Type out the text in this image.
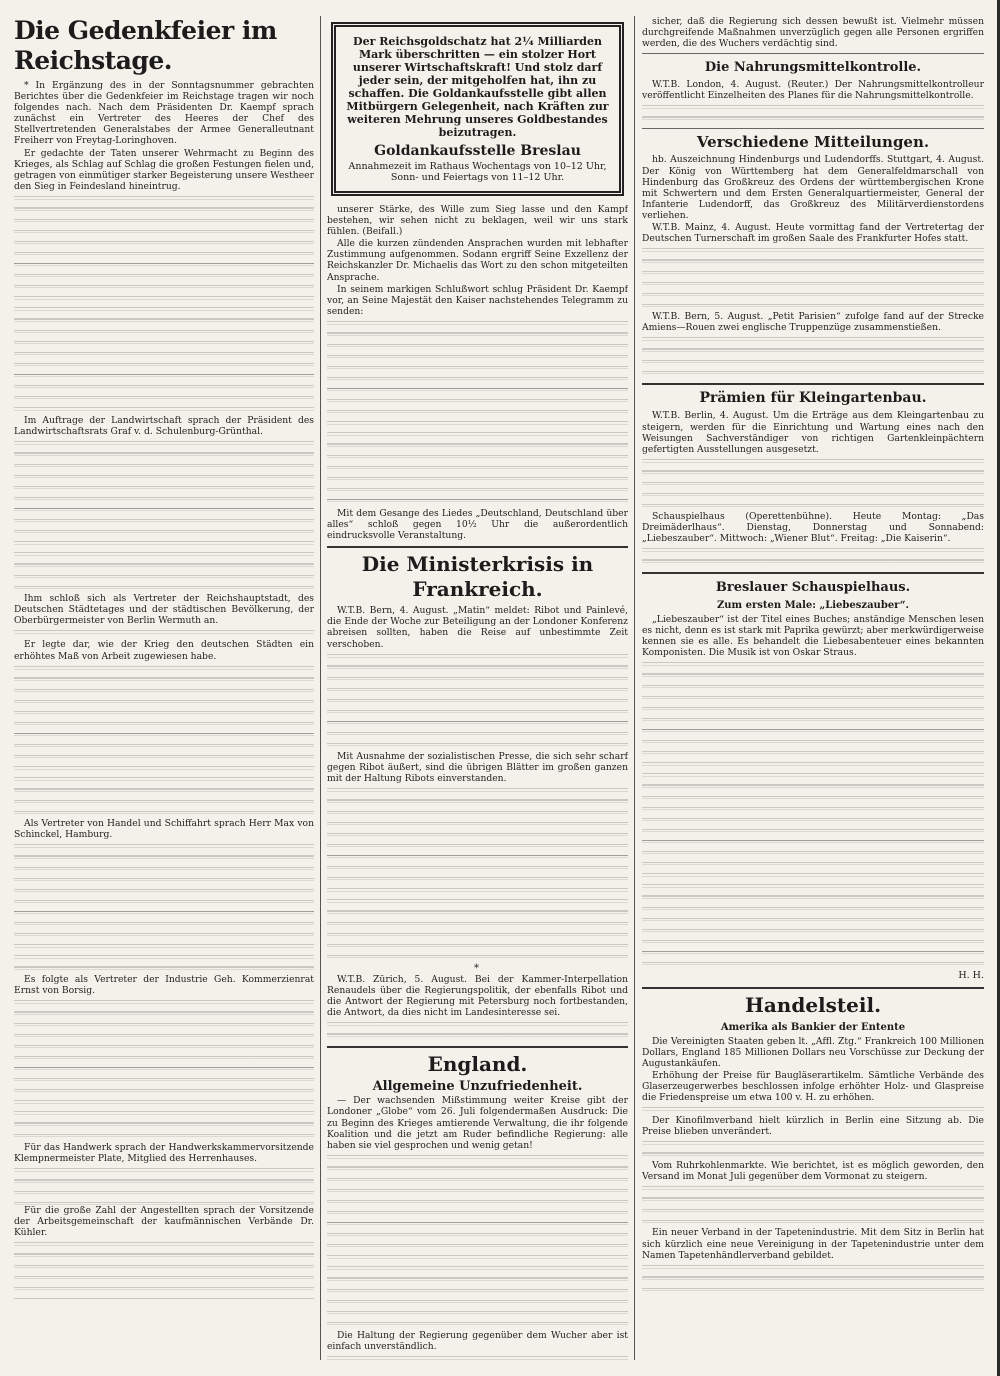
Die Gedenkfeier im Reichstage.

* In Ergänzung des in der Sonntagsnummer gebrachten Berichtes über die Gedenkfeier im Reichstage tragen wir noch folgendes nach. Nach dem Präsidenten Dr. Kaempf sprach zunächst ein Vertreter des Heeres der Chef des Stellvertretenden Generalstabes der Armee Generalleutnant Freiherr von Freytag-Loringhoven.

Er gedachte der Taten unserer Wehrmacht zu Beginn des Krieges, als Schlag auf Schlag die großen Festungen fielen und, getragen von einmütiger starker Begeisterung unsere Westheer den Sieg in Feindesland hineintrug.

Im Auftrage der Landwirtschaft sprach der Präsident des Landwirtschaftsrats Graf v. d. Schulenburg-Grünthal.

Ihm schloß sich als Vertreter der Reichshauptstadt, des Deutschen Städtetages und der städtischen Bevölkerung, der Oberbürgermeister von Berlin Wermuth an.

Er legte dar, wie der Krieg den deutschen Städten ein erhöhtes Maß von Arbeit zugewiesen habe.

Als Vertreter von Handel und Schiffahrt sprach Herr Max von Schinckel, Hamburg.

Es folgte als Vertreter der Industrie Geh. Kommerzienrat Ernst von Borsig.

Für das Handwerk sprach der Handwerkskammervorsitzende Klempnermeister Plate, Mitglied des Herrenhauses.

Für die große Zahl der Angestellten sprach der Vorsitzende der Arbeitsgemeinschaft der kaufmännischen Verbände Dr. Kühler.

Der Reichsgoldschatz hat 2¼ Milliarden Mark überschritten — ein stolzer Hort unserer Wirtschaftskraft! Und stolz darf jeder sein, der mitgeholfen hat, ihn zu schaffen. Die Goldankaufsstelle gibt allen Mitbürgern Gelegenheit, nach Kräften zur weiteren Mehrung unseres Goldbestandes beizutragen.
Goldankaufsstelle Breslau
Annahmezeit im Rathaus Wochentags von 10–12 Uhr, Sonn- und Feiertags von 11–12 Uhr.

unserer Stärke, des Wille zum Sieg lasse und den Kampf bestehen, wir sehen nicht zu beklagen, weil wir uns stark fühlen. (Beifall.)

Alle die kurzen zündenden Ansprachen wurden mit lebhafter Zustimmung aufgenommen. Sodann ergriff Seine Exzellenz der Reichskanzler Dr. Michaelis das Wort zu den schon mitgeteilten Ansprache.

In seinem markigen Schlußwort schlug Präsident Dr. Kaempf vor, an Seine Majestät den Kaiser nachstehendes Telegramm zu senden:

Mit dem Gesange des Liedes „Deutschland, Deutschland über alles“ schloß gegen 10½ Uhr die außerordentlich eindrucksvolle Veranstaltung.

Die Ministerkrisis in Frankreich.

W.T.B. Bern, 4. August. „Matin“ meldet: Ribot und Painlevé, die Ende der Woche zur Beteiligung an der Londoner Konferenz abreisen sollten, haben die Reise auf unbestimmte Zeit verschoben.

Mit Ausnahme der sozialistischen Presse, die sich sehr scharf gegen Ribot äußert, sind die übrigen Blätter im großen ganzen mit der Haltung Ribots einverstanden.

*

W.T.B. Zürich, 5. August. Bei der Kammer-Interpellation Renaudels über die Regierungspolitik, der ebenfalls Ribot und die Antwort der Regierung mit Petersburg noch fortbestanden, die Antwort, da dies nicht im Landesinteresse sei.

England.
Allgemeine Unzufriedenheit.

— Der wachsenden Mißstimmung weiter Kreise gibt der Londoner „Globe“ vom 26. Juli folgendermaßen Ausdruck: Die zu Beginn des Krieges amtierende Verwaltung, die ihr folgende Koalition und die jetzt am Ruder befindliche Regierung: alle haben sie viel gesprochen und wenig getan!

Die Haltung der Regierung gegenüber dem Wucher aber ist einfach unverständlich.

sicher, daß die Regierung sich dessen bewußt ist. Vielmehr müssen durchgreifende Maßnahmen unverzüglich gegen alle Personen ergriffen werden, die des Wuchers verdächtig sind.

Die Nahrungsmittelkontrolle.

W.T.B. London, 4. August. (Reuter.) Der Nahrungsmittelkontrolleur veröffentlicht Einzelheiten des Planes für die Nahrungsmittelkontrolle.

Verschiedene Mitteilungen.

hb. Auszeichnung Hindenburgs und Ludendorffs. Stuttgart, 4. August. Der König von Württemberg hat dem Generalfeldmarschall von Hindenburg das Großkreuz des Ordens der württembergischen Krone mit Schwertern und dem Ersten Generalquartiermeister, General der Infanterie Ludendorff, das Großkreuz des Militärverdienstordens verliehen.

W.T.B. Mainz, 4. August. Heute vormittag fand der Vertretertag der Deutschen Turnerschaft im großen Saale des Frankfurter Hofes statt.

W.T.B. Bern, 5. August. „Petit Parisien“ zufolge fand auf der Strecke Amiens—Rouen zwei englische Truppenzüge zusammenstießen.

Prämien für Kleingartenbau.

W.T.B. Berlin, 4. August. Um die Erträge aus dem Kleingartenbau zu steigern, werden für die Einrichtung und Wartung eines nach den Weisungen Sachverständiger von richtigen Gartenkleinpächtern gefertigten Ausstellungen ausgesetzt.

Schauspielhaus (Operettenbühne). Heute Montag: „Das Dreimäderlhaus“. Dienstag, Donnerstag und Sonnabend: „Liebeszauber“. Mittwoch: „Wiener Blut“. Freitag: „Die Kaiserin“.

Breslauer Schauspielhaus.
Zum ersten Male: „Liebeszauber“.

„Liebeszauber“ ist der Titel eines Buches; anständige Menschen lesen es nicht, denn es ist stark mit Paprika gewürzt; aber merkwürdigerweise kennen sie es alle. Es behandelt die Liebesabenteuer eines bekannten Komponisten. Die Musik ist von Oskar Straus.

H. H.
Handelsteil.
Amerika als Bankier der Entente

Die Vereinigten Staaten geben lt. „Affl. Ztg.“ Frankreich 100 Millionen Dollars, England 185 Millionen Dollars neu Vorschüsse zur Deckung der Augustankäufen.

Erhöhung der Preise für Baugläserartikelm. Sämtliche Verbände des Glaserzeugerwerbes beschlossen infolge erhöhter Holz- und Glaspreise die Friedenspreise um etwa 100 v. H. zu erhöhen.

Der Kinofilmverband hielt kürzlich in Berlin eine Sitzung ab. Die Preise blieben unverändert.

Vom Ruhrkohlenmarkte. Wie berichtet, ist es möglich geworden, den Versand im Monat Juli gegenüber dem Vormonat zu steigern.

Ein neuer Verband in der Tapetenindustrie. Mit dem Sitz in Berlin hat sich kürzlich eine neue Vereinigung in der Tapetenindustrie unter dem Namen Tapetenhändlerverband gebildet.
